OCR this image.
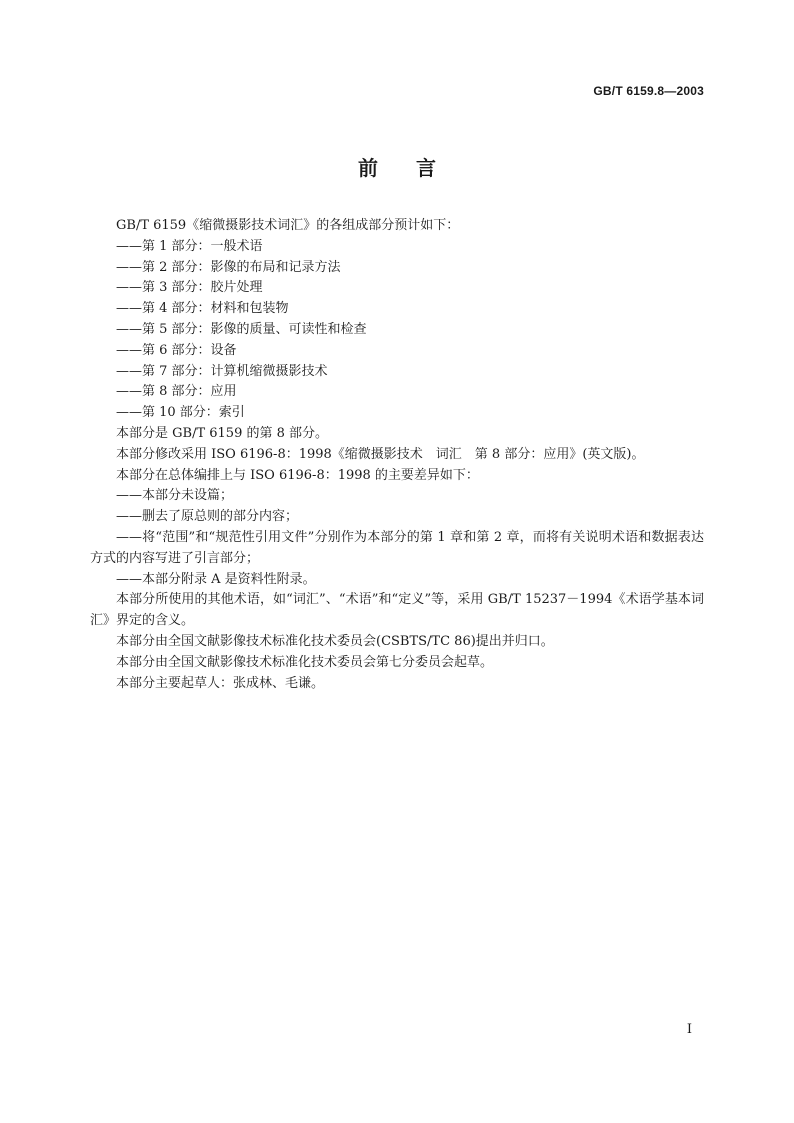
GB/T 6159.8—2003
前言

GB/T 6159《缩微摄影技术词汇》的各组成部分预计如下：

——第 1 部分：一般术语

——第 2 部分：影像的布局和记录方法

——第 3 部分：胶片处理

——第 4 部分：材料和包装物

——第 5 部分：影像的质量、可读性和检查

——第 6 部分：设备

——第 7 部分：计算机缩微摄影技术

——第 8 部分：应用

——第 10 部分：索引

本部分是 GB/T 6159 的第 8 部分。

本部分修改采用 ISO 6196-8：1998《缩微摄影技术　词汇　第 8 部分：应用》(英文版)。

本部分在总体编排上与 ISO 6196-8：1998 的主要差异如下：

——本部分未设篇；

——删去了原总则的部分内容；

——将“范围”和“规范性引用文件”分别作为本部分的第 1 章和第 2 章，而将有关说明术语和数据表达方式的内容写进了引言部分；

——本部分附录 A 是资料性附录。

本部分所使用的其他术语，如“词汇”、“术语”和“定义”等，采用 GB/T 15237－1994《术语学基本词汇》界定的含义。

本部分由全国文献影像技术标准化技术委员会(CSBTS/TC 86)提出并归口。

本部分由全国文献影像技术标准化技术委员会第七分委员会起草。

本部分主要起草人：张成林、毛谦。

I
